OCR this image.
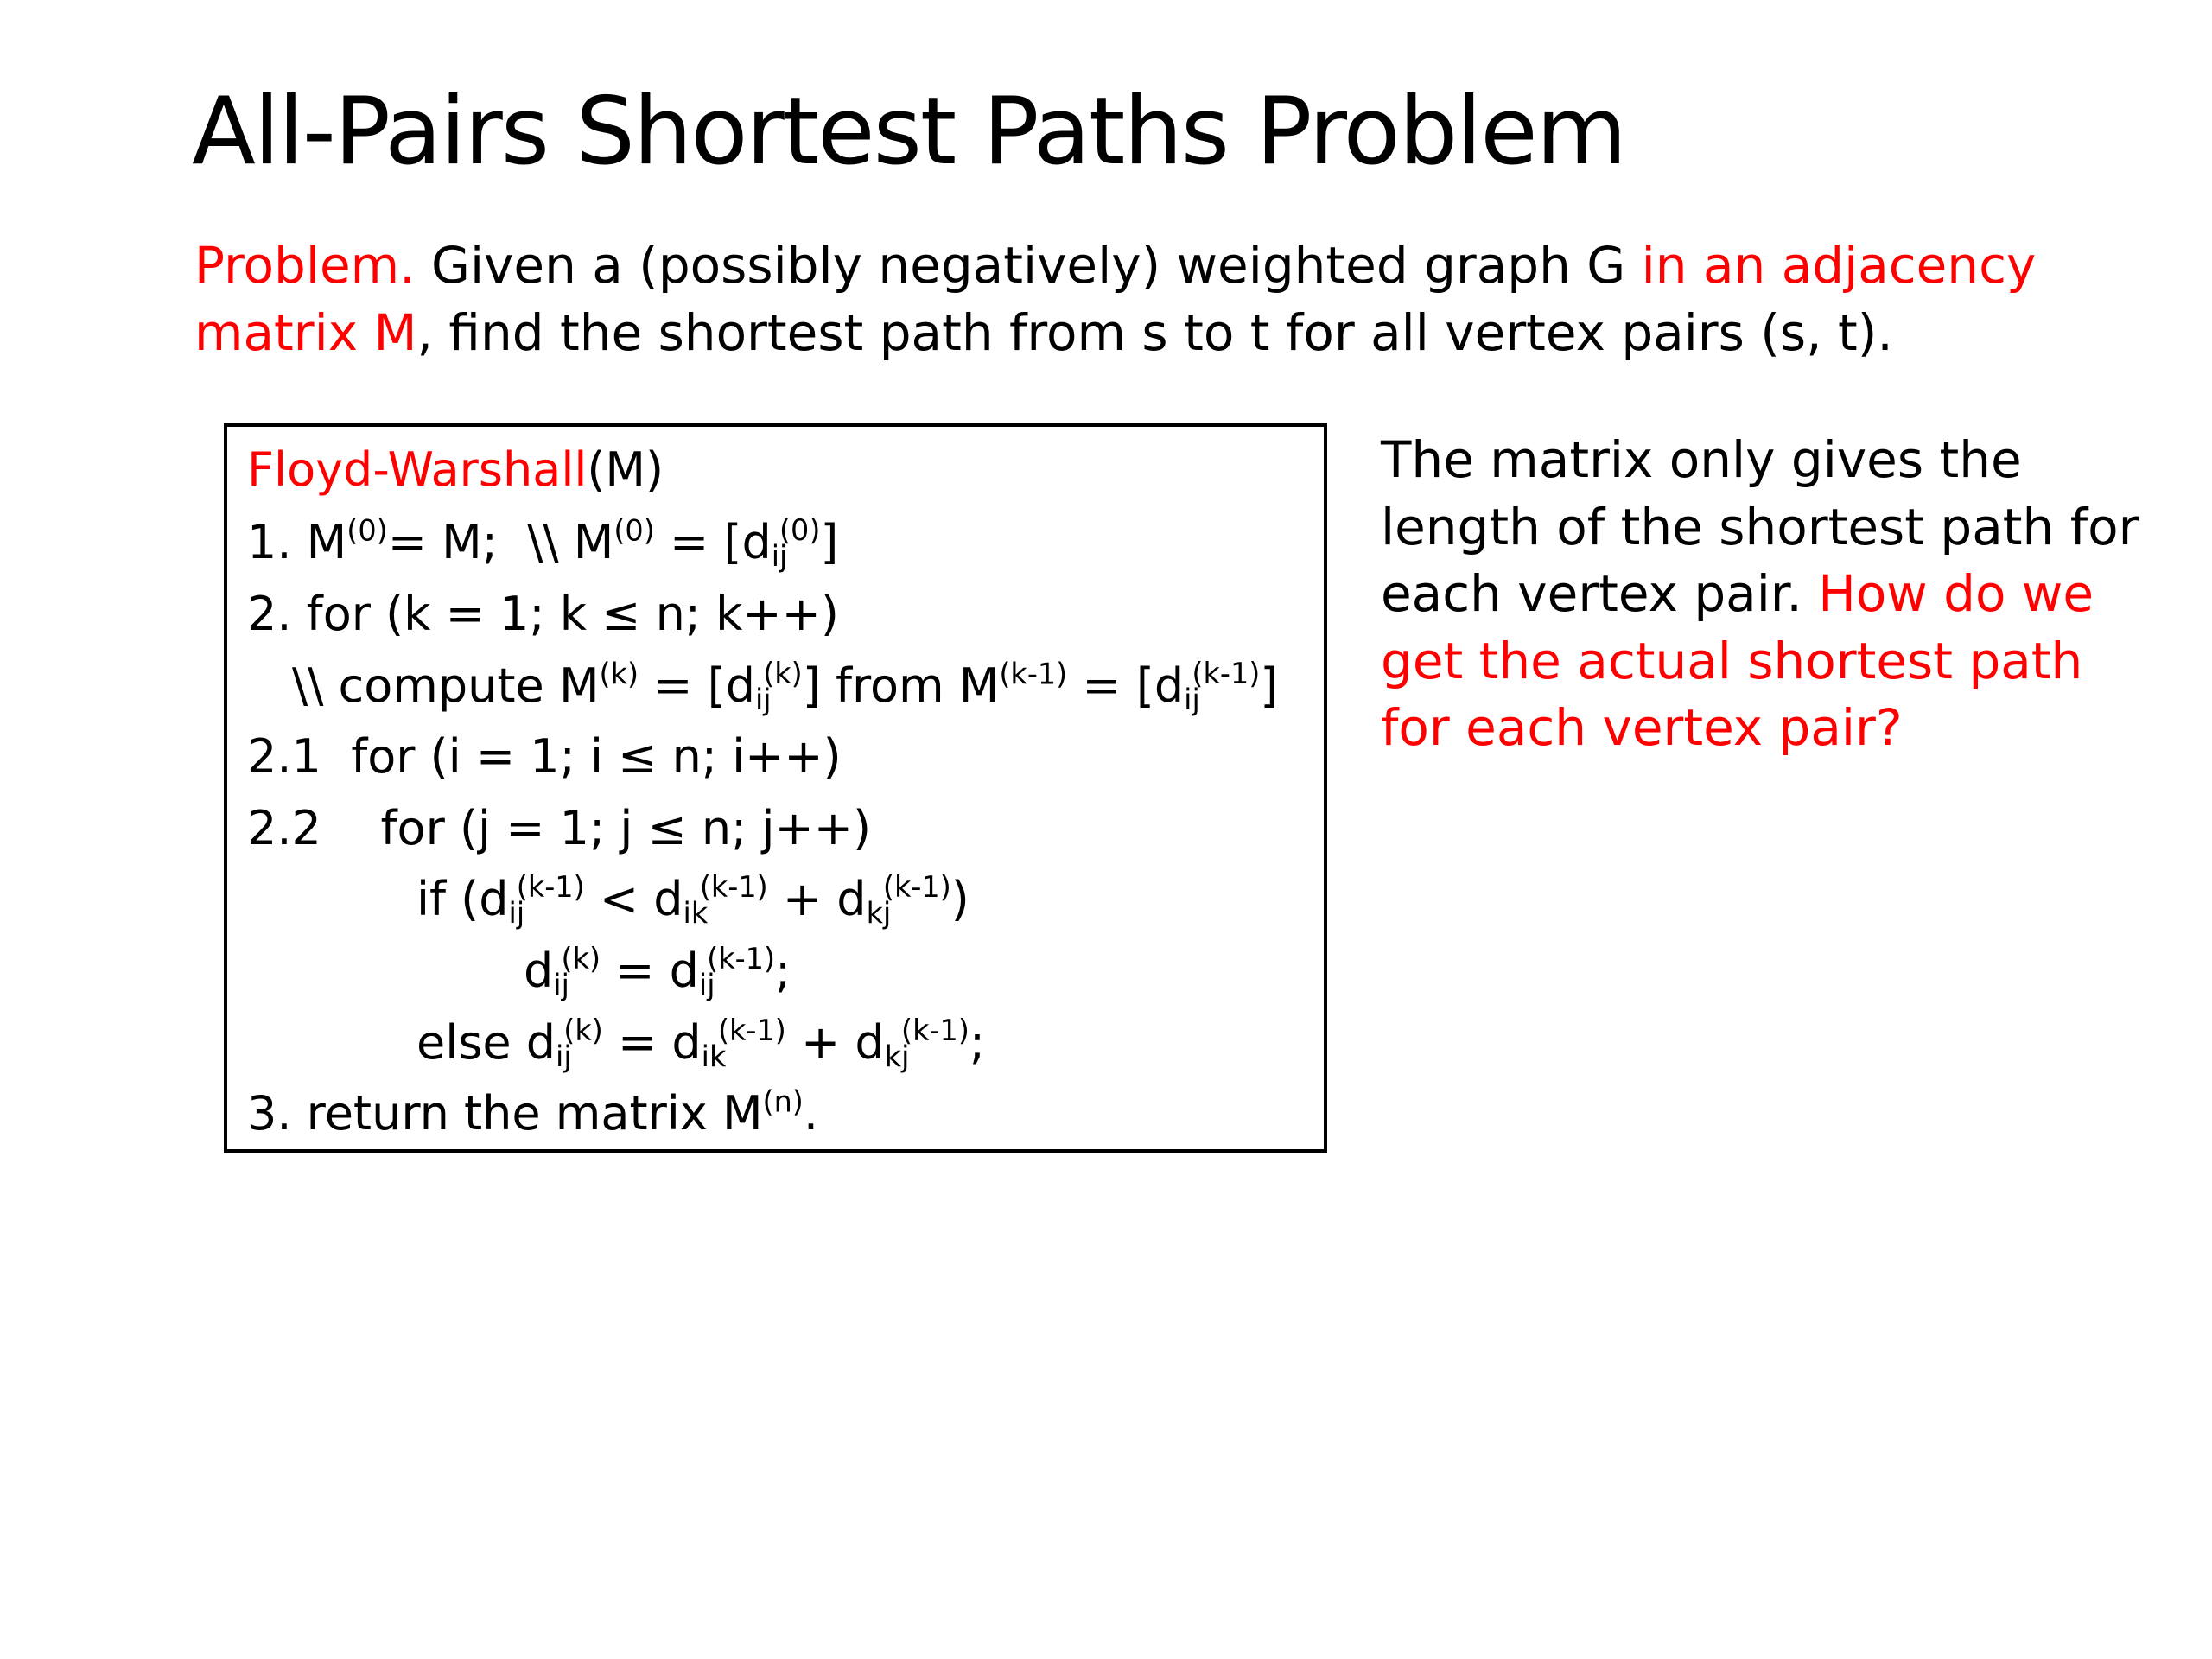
All-Pairs Shortest Paths Problem
Problem. Given a (possibly negatively) weighted graph G in an adjacency
matrix M, find the shortest path from s to t for all vertex pairs (s, t).
Floyd-Warshall(M)
1. $M^{(0)}= M$;  \\ $M^{(0)} = [d_{ij}^{(0)}]$
2. for (k = 1; k ≤ n; k++)
\\ compute $M^{(k)} = [d_{ij}^{(k)}]$ from $M^{(k-1)} = [d_{ij}^{(k-1)}]$
2.1  for (i = 1; i ≤ n; i++)
2.2    for (j = 1; j ≤ n; j++)
if $(d_{ij}^{(k-1)} < d_{ik}^{(k-1)} + d_{kj}^{(k-1)})$
$d_{ij}^{(k)} = d_{ij}^{(k-1)}$;
else $d_{ij}^{(k)} = d_{ik}^{(k-1)} + d_{kj}^{(k-1)}$;
3. return the matrix $M^{(n)}$.
The matrix only gives the length of the shortest path for each vertex pair. How do we get the actual shortest path for each vertex pair?
